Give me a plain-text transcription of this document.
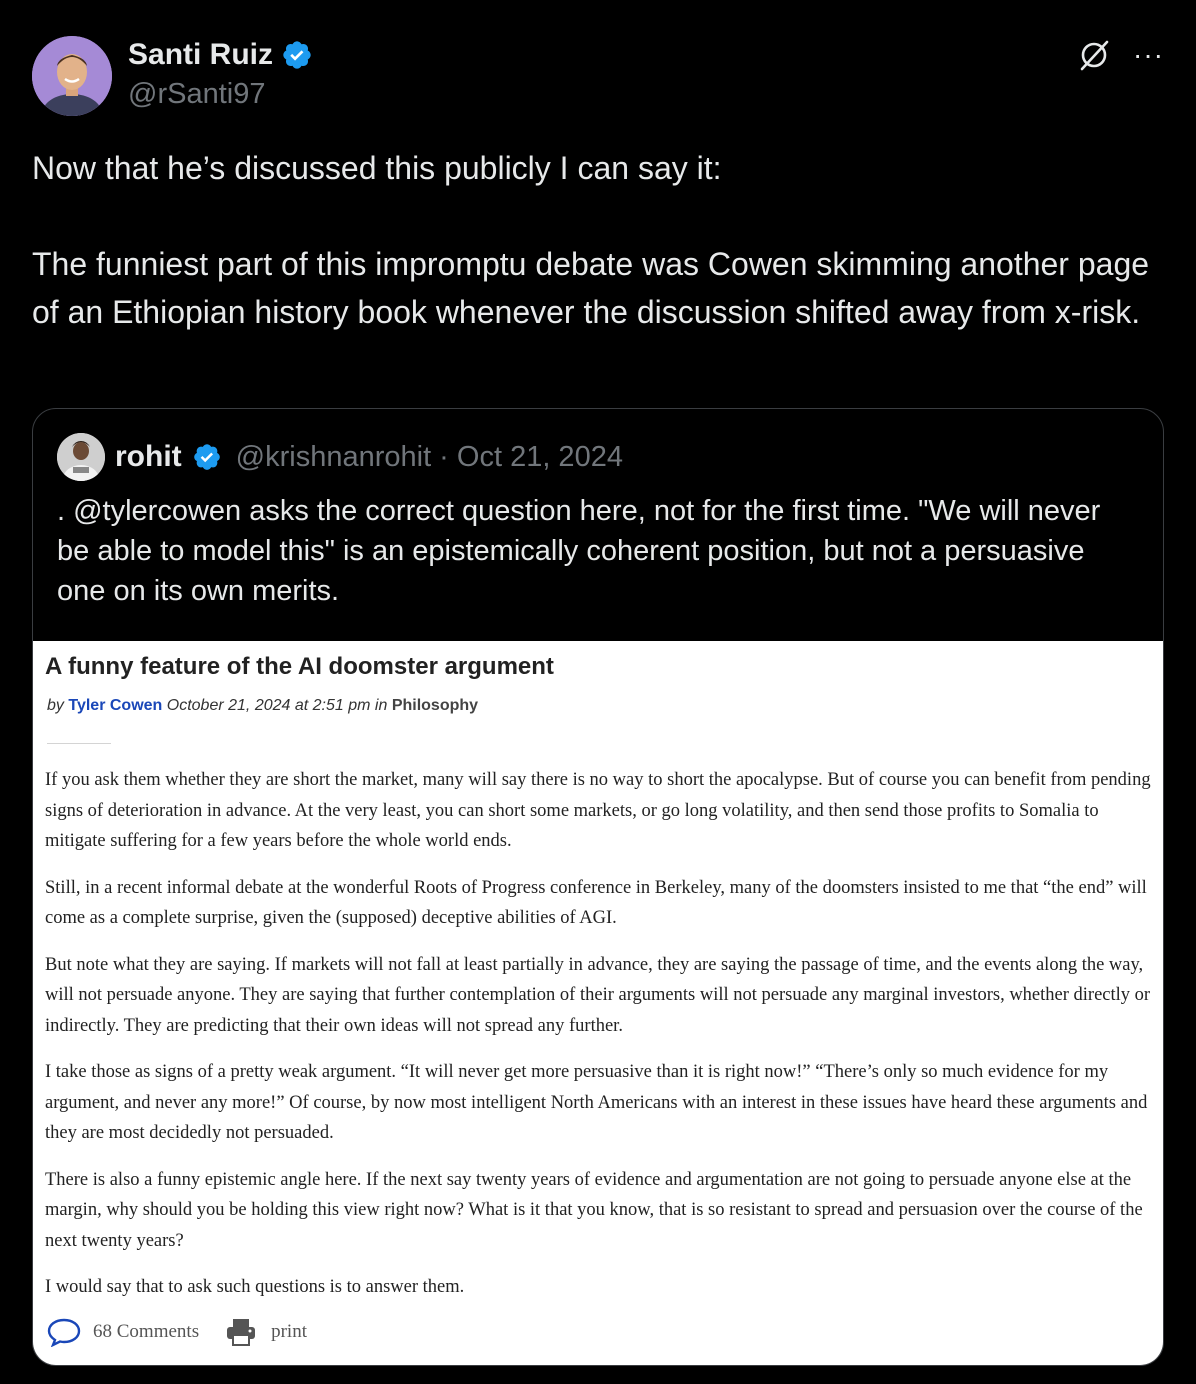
Santi Ruiz
@rSanti97
···

Now that he’s discussed this publicly I can say it:

The funniest part of this impromptu debate was Cowen skimming another page of an Ethiopian history book whenever the discussion shifted away from x-risk.

rohit @krishnanrohit · Oct 21, 2024
. @tylercowen asks the correct question here, not for the first time. "We will never be able to model this" is an epistemically coherent position, but not a persuasive one on its own merits.
A funny feature of the AI doomster argument
by Tyler Cowen October 21, 2024 at 2:51 pm in Philosophy

If you ask them whether they are short the market, many will say there is no way to short the apocalypse. But of course you can benefit from pending signs of deterioration in advance. At the very least, you can short some markets, or go long volatility, and then send those profits to Somalia to mitigate suffering for a few years before the whole world ends.

Still, in a recent informal debate at the wonderful Roots of Progress conference in Berkeley, many of the doomsters insisted to me that “the end” will come as a complete surprise, given the (supposed) deceptive abilities of AGI.

But note what they are saying. If markets will not fall at least partially in advance, they are saying the passage of time, and the events along the way, will not persuade anyone. They are saying that further contemplation of their arguments will not persuade any marginal investors, whether directly or indirectly. They are predicting that their own ideas will not spread any further.

I take those as signs of a pretty weak argument. “It will never get more persuasive than it is right now!” “There’s only so much evidence for my argument, and never any more!” Of course, by now most intelligent North Americans with an interest in these issues have heard these arguments and they are most decidedly not persuaded.

There is also a funny epistemic angle here. If the next say twenty years of evidence and argumentation are not going to persuade anyone else at the margin, why should you be holding this view right now? What is it that you know, that is so resistant to spread and persuasion over the course of the next twenty years?

I would say that to ask such questions is to answer them.

68 Comments	print
